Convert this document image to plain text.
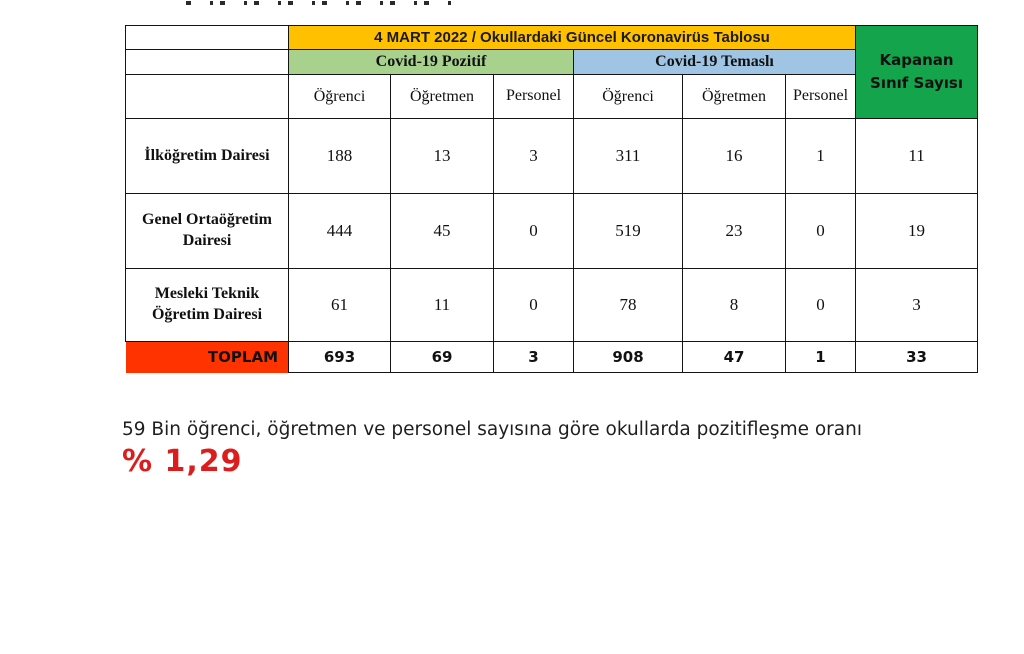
	4 MART 2022 / Okullardaki Güncel Koronavirüs Tablosu						Kapanan Sınıf Sayısı
	Covid-19 Pozitif			Covid-19 Temaslı			
	Öğrenci	Öğretmen	Personel	Öğrenci	Öğretmen	Personel	
İlköğretim Dairesi	188	13	3	311	16	1	11
Genel Ortaöğretim Dairesi	444	45	0	519	23	0	19
Mesleki Teknik Öğretim Dairesi	61	11	0	78	8	0	3
TOPLAM	693	69	3	908	47	1	33
59 Bin öğrenci, öğretmen ve personel sayısına göre okullarda pozitifleşme oranı
% 1,29
